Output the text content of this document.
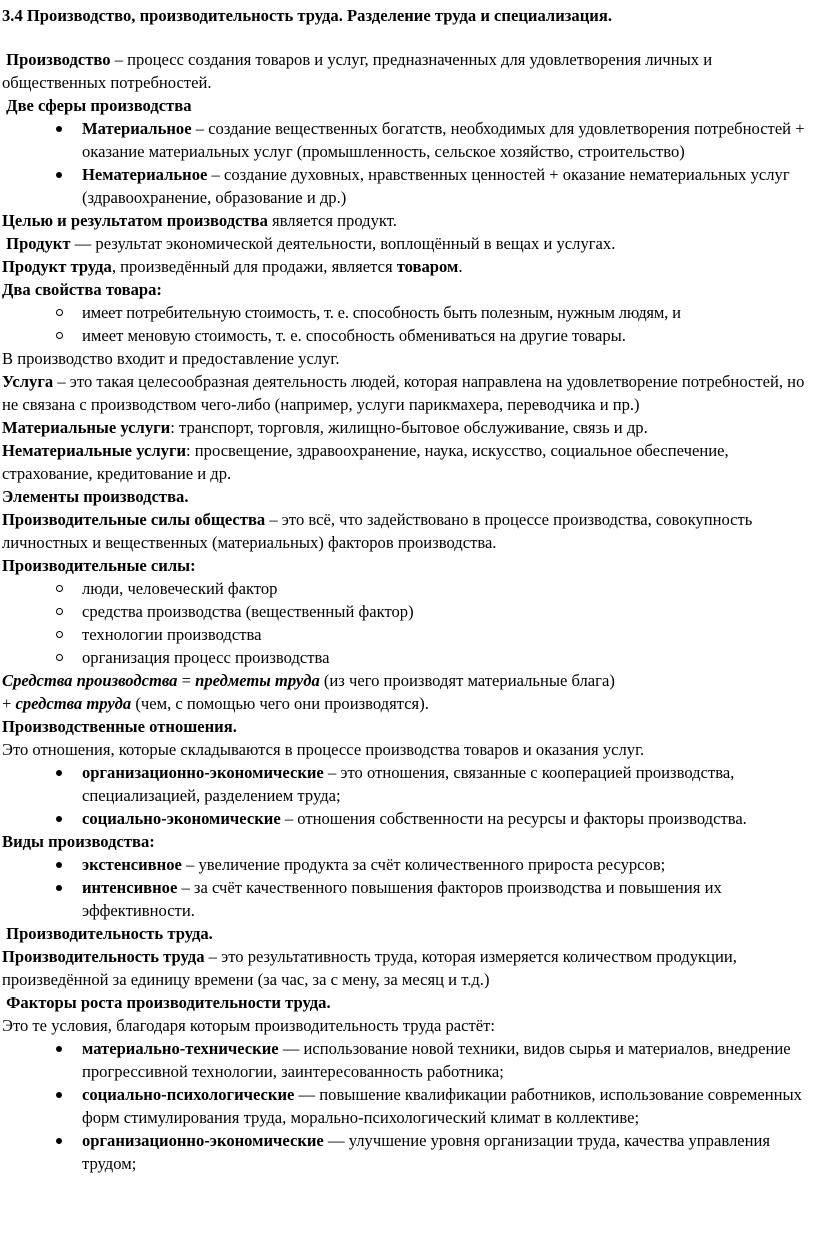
3.4 Производство, производительность труда. Разделение труда и специализация.

Производство – процесс создания товаров и услуг, предназначенных для удовлетворения личных и общественных потребностей.

Две сферы производства

Материальное – создание вещественных богатств, необходимых для удовлетворения потребностей + оказание материальных услуг (промышленность, сельское хозяйство, строительство)
Нематериальное – создание духовных, нравственных ценностей + оказание нематериальных услуг (здравоохранение, образование и др.)

Целью и результатом производства является продукт.

Продукт — результат экономической деятельности, воплощённый в вещах и услугах.

Продукт труда, произведённый для продажи, является товаром.

Два свойства товара:

имеет потребительную стоимость, т. е. способность быть полезным, нужным людям, и
имеет меновую стоимость, т. е. способность обмениваться на другие товары.

В производство входит и предоставление услуг.

Услуга – это такая целесообразная деятельность людей, которая направлена на удовлетворение потребностей, но не связана с производством чего-либо (например, услуги парикмахера, переводчика и пр.)

Материальные услуги: транспорт, торговля, жилищно-бытовое обслуживание, связь и др.

Нематериальные услуги: просвещение, здравоохранение, наука, искусство, социальное обеспечение, страхование, кредитование и др.

Элементы производства.

Производительные силы общества – это всё, что задействовано в процессе производства, совокупность личностных и вещественных (материальных) факторов производства.

Производительные силы:

люди, человеческий фактор
средства производства (вещественный фактор)
технологии производства
организация процесс производства

Средства производства = предметы труда (из чего производят материальные блага)

+ средства труда (чем, с помощью чего они производятся).

Производственные отношения.

Это отношения, которые складываются в процессе производства товаров и оказания услуг.

организационно-экономические – это отношения, связанные с кооперацией производства, специализацией, разделением труда;
социально-экономические – отношения собственности на ресурсы и факторы производства.

Виды производства:

экстенсивное – увеличение продукта за счёт количественного прироста ресурсов;
интенсивное – за счёт качественного повышения факторов производства и повышения их эффективности.

Производительность труда.

Производительность труда – это результативность труда, которая измеряется количеством продукции, произведённой за единицу времени (за час, за с мену, за месяц и т.д.)

Факторы роста производительности труда.

Это те условия, благодаря которым производительность труда растёт:

материально-технические — использование новой техники, видов сырья и материалов, внедрение прогрессивной технологии, заинтересованность работника;
социально-психологические — повышение квалификации работников, использование современных форм стимулирования труда, морально-психологический климат в коллективе;
организационно-экономические — улучшение уровня организации труда, качества управления трудом;
